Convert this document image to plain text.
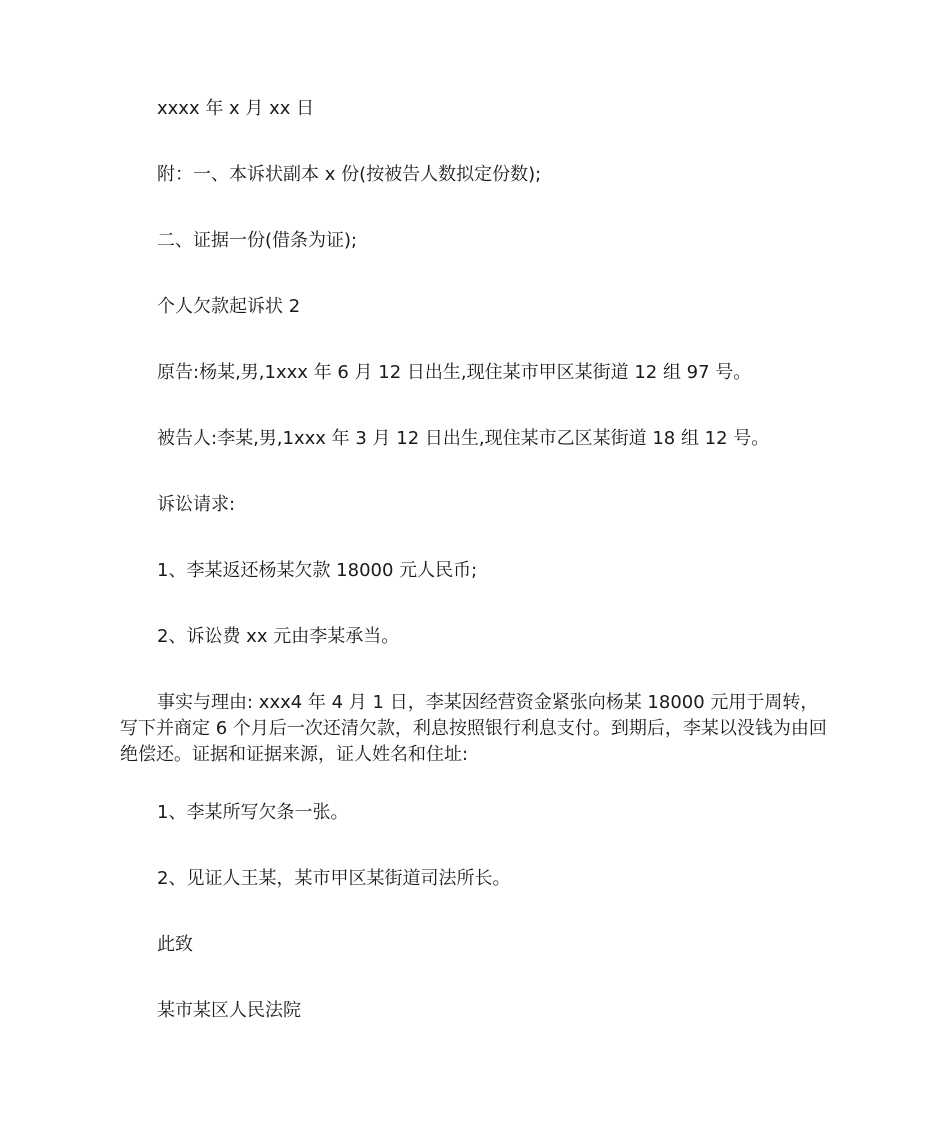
xxxx 年 x 月 xx 日

附：一、本诉状副本 x 份(按被告人数拟定份数);

二、证据一份(借条为证);

个人欠款起诉状 2

原告:杨某,男,1xxx 年 6 月 12 日出生,现住某市甲区某街道 12 组 97 号。

被告人:李某,男,1xxx 年 3 月 12 日出生,现住某市乙区某街道 18 组 12 号。

诉讼请求:

1、李某返还杨某欠款 18000 元人民币;

2、诉讼费 xx 元由李某承当。

事实与理由: xxx4 年 4 月 1 日，李某因经营资金紧张向杨某 18000 元用于周转，写下并商定 6 个月后一次还清欠款，利息按照银行利息支付。到期后，李某以没钱为由回绝偿还。证据和证据来源，证人姓名和住址:

1、李某所写欠条一张。

2、见证人王某，某市甲区某街道司法所长。

此致

某市某区人民法院
